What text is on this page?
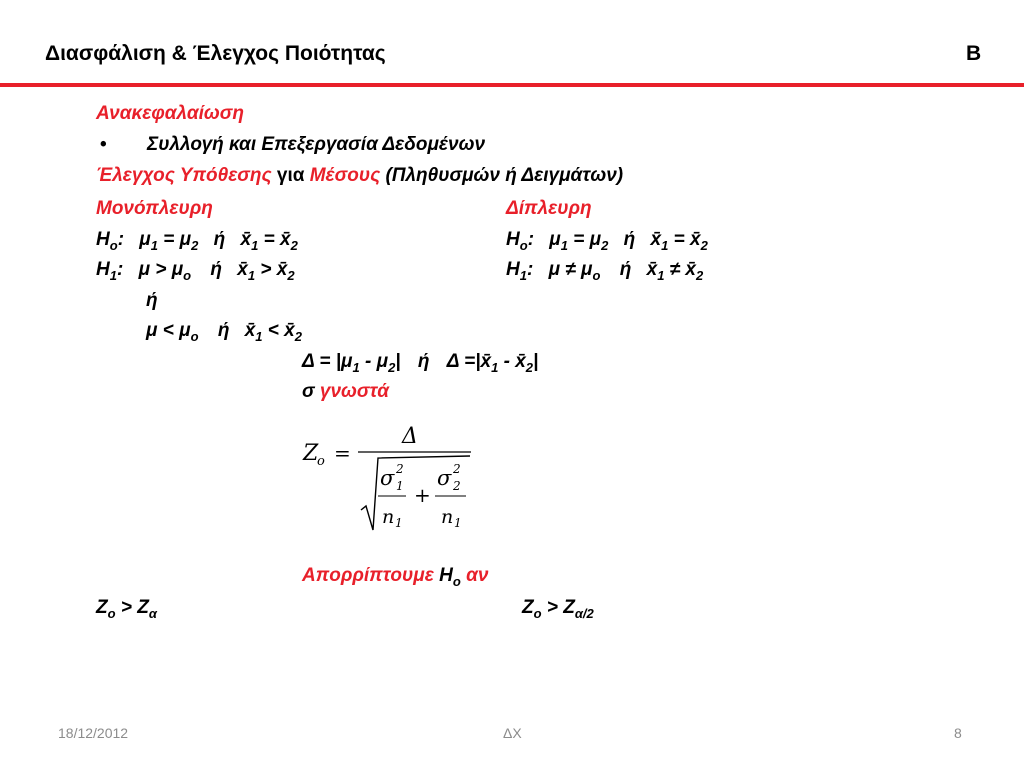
Διασφάλιση & Έλεγχος Ποιότητας	Β
Ανακεφαλαίωση
• Συλλογή και Επεξεργασία Δεδομένων
Έλεγχος Υπόθεσης για Μέσους (Πληθυσμών ή Δειγμάτων)
Μονόπλευρη	Δίπλευρη
$H_o$: $\mu_1 = \mu_2$ ή $x̄_1$ = $x̄_2$	$H_o$: $\mu_1 = \mu_2$ ή $x̄_1$ = $x̄_2$
$H_1$: $\mu > \mu_o$ ή $x̄_1$ > $x̄_2$	$H_1$: $\mu \ne \mu_o$ ή $x̄_1$ ≠ $x̄_2$
ή
$\mu < \mu_o$ ή $x̄_1$ < $x̄_2$
$\Delta = |\mu_1 - \mu_2|$ ή $\Delta =|x̄_1$ - $x̄_2|$
σ γνωστά
Z
o =
Δ
σ 1
2
n 1
+
σ 2
2
n 1
Απορρίπτουμε $H_o$ αν
$Z_o > Z_\alpha$	$Z_o > Z_{\alpha/2}$
18/12/2012	ΔΧ	8
